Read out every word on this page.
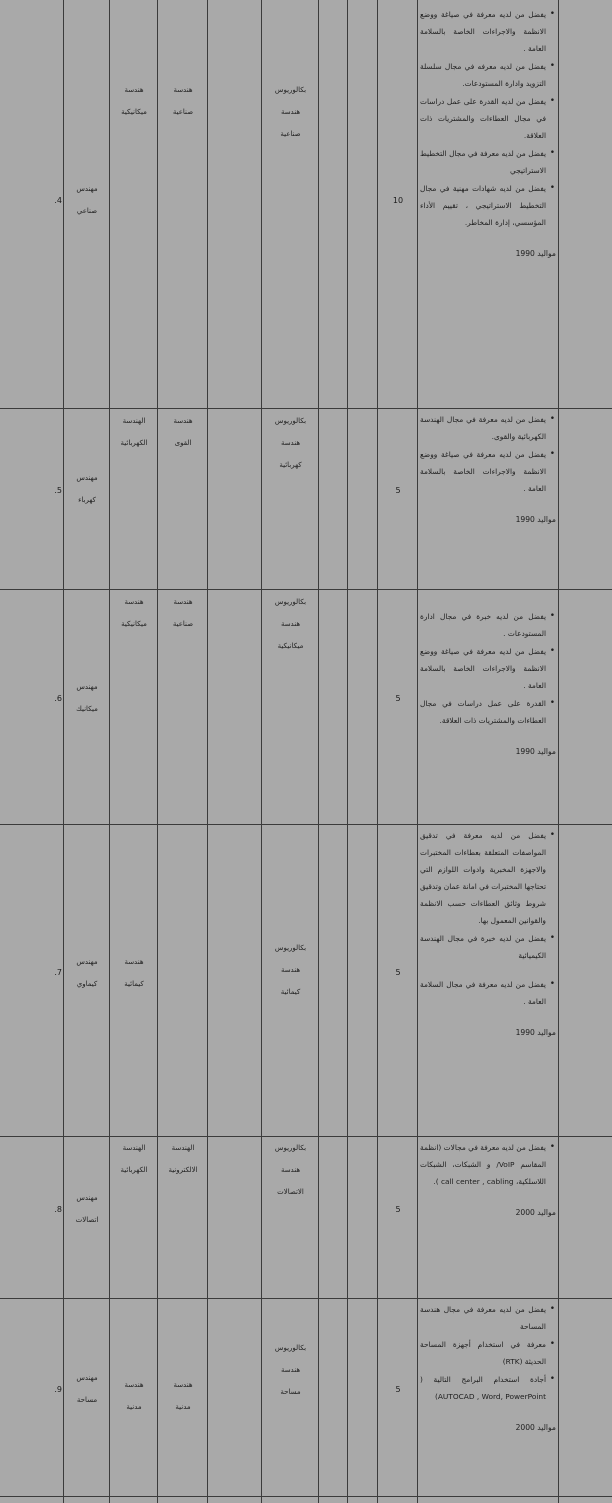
.4
مهندس
صناعي
هندسة
ميكانيكية
هندسة
صناعية
بكالوريوس
هندسة
صناعية
10
• يفضل من لديه معرفة في صياغة ووضع الانظمة والاجراءات الخاصة بالسلامة العامة .
• يفضل من لديه معرفه في مجال سلسلة التزويد وادارة المستودعات.
• يفضل من لديه القدرة على عمل دراسات في مجال العطاءات والمشتريات ذات العلاقة.
• يفضل من لديه معرفة في مجال التخطيط الاستراتيجي
• يفضل من لديه شهادات مهنية في مجال التخطيط الاستراتيجي ، تقييم الأداء المؤسسي، إدارة المخاطر.
مواليد 1990
.5
مهندس
كهرباء
الهندسة
الكهربائية
هندسة
القوى
بكالوريوس
هندسة
كهربائية
5
• يفضل من لديه معرفة في مجال الهندسة الكهربائية والقوى.
• يفضل من لديه معرفة في صياغة ووضع الانظمة والاجراءات الخاصة بالسلامة العامة .
مواليد 1990
.6
مهندس
ميكانيك
هندسة
ميكانيكية
هندسة
صناعية
بكالوريوس
هندسة
ميكانيكية
5
• يفضل من لديه خبرة في مجال ادارة المستودعات .
• يفضل من لديه معرفة في صياغة ووضع الانظمة والاجراءات الخاصة بالسلامة العامة .
• القدرة على عمل دراسات في مجال العطاءات والمشتريات ذات العلاقة.
مواليد 1990
.7
مهندس
كيماوي
هندسة
كيمائية
بكالوريوس
هندسة
كيمائية
5
• يفضل من لديه معرفة في تدقيق المواصفات المتعلقة بعطاءات المختبرات والاجهزة المخبرية وادوات اللوازم التي تحتاجها المختبرات في امانة عمان وتدقيق شروط وثائق العطاءات حسب الانظمة والقوانين المعمول بها.
• يفضل من لديه خبرة في مجال الهندسة الكيميائية
• يفضل من لديه معرفة في مجال السلامة العامة .
مواليد 1990
.8
مهندس
اتصالات
الهندسة
الكهربائية
الهندسة
الالكترونية
بكالوريوس
هندسة
الاتصالات
5
• يفضل من لديه معرفة في مجالات (انظمة المقاسم VoIP/ و الشبكات، الشبكات اللاسلكية، call center , cabling ).
مواليد 2000
.9
مهندس
مساحة
هندسة
مدنية
هندسة
مدنية
بكالوريوس
هندسة
مساحة	5
• يفضل من لديه معرفة في مجال هندسة المساحة
• معرفة في استخدام أجهزة المساحة الحديثة (RTK)
• أجادة استخدام البرامج التالية ( AUTOCAD , Word, PowerPoint)
مواليد 2000
